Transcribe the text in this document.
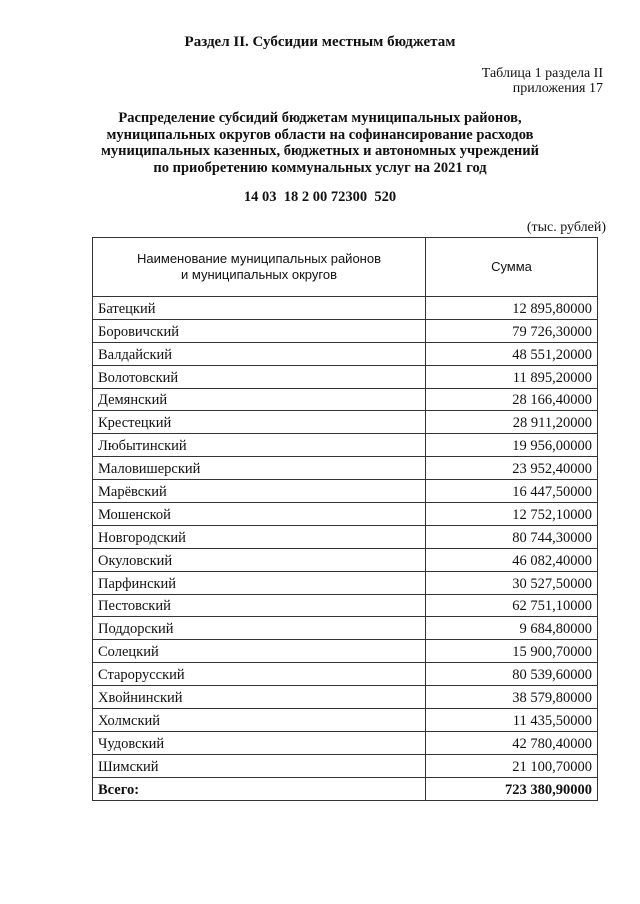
Раздел II. Субсидии местным бюджетам
Таблица 1 раздела II
приложения 17
Распределение субсидий бюджетам муниципальных районов,
муниципальных округов области на софинансирование расходов
муниципальных казенных, бюджетных и автономных учреждений
по приобретению коммунальных услуг на 2021 год
14 03  18 2 00 72300  520
(тыс. рублей)
Наименование муниципальных районов
и муниципальных округов	Сумма
Батецкий	12 895,80000
Боровичский	79 726,30000
Валдайский	48 551,20000
Волотовский	11 895,20000
Демянский	28 166,40000
Крестецкий	28 911,20000
Любытинский	19 956,00000
Маловишерский	23 952,40000
Марёвский	16 447,50000
Мошенской	12 752,10000
Новгородский	80 744,30000
Окуловский	46 082,40000
Парфинский	30 527,50000
Пестовский	62 751,10000
Поддорский	9 684,80000
Солецкий	15 900,70000
Старорусский	80 539,60000
Хвойнинский	38 579,80000
Холмский	11 435,50000
Чудовский	42 780,40000
Шимский	21 100,70000
Всего:	723 380,90000
